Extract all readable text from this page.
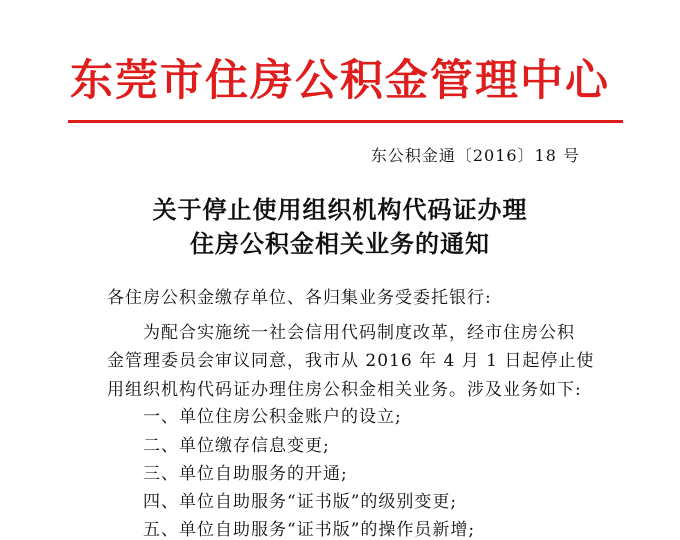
东莞市住房公积金管理中心
东公积金通〔2016〕18 号
关于停止使用组织机构代码证办理
住房公积金相关业务的通知
各住房公积金缴存单位、各归集业务受委托银行:
为配合实施统一社会信用代码制度改革，经市住房公积
金管理委员会审议同意，我市从 2016 年 4 月 1 日起停止使
用组织机构代码证办理住房公积金相关业务。涉及业务如下:
一、单位住房公积金账户的设立;
二、单位缴存信息变更;
三、单位自助服务的开通;
四、单位自助服务“证书版”的级别变更;
五、单位自助服务“证书版”的操作员新增;
